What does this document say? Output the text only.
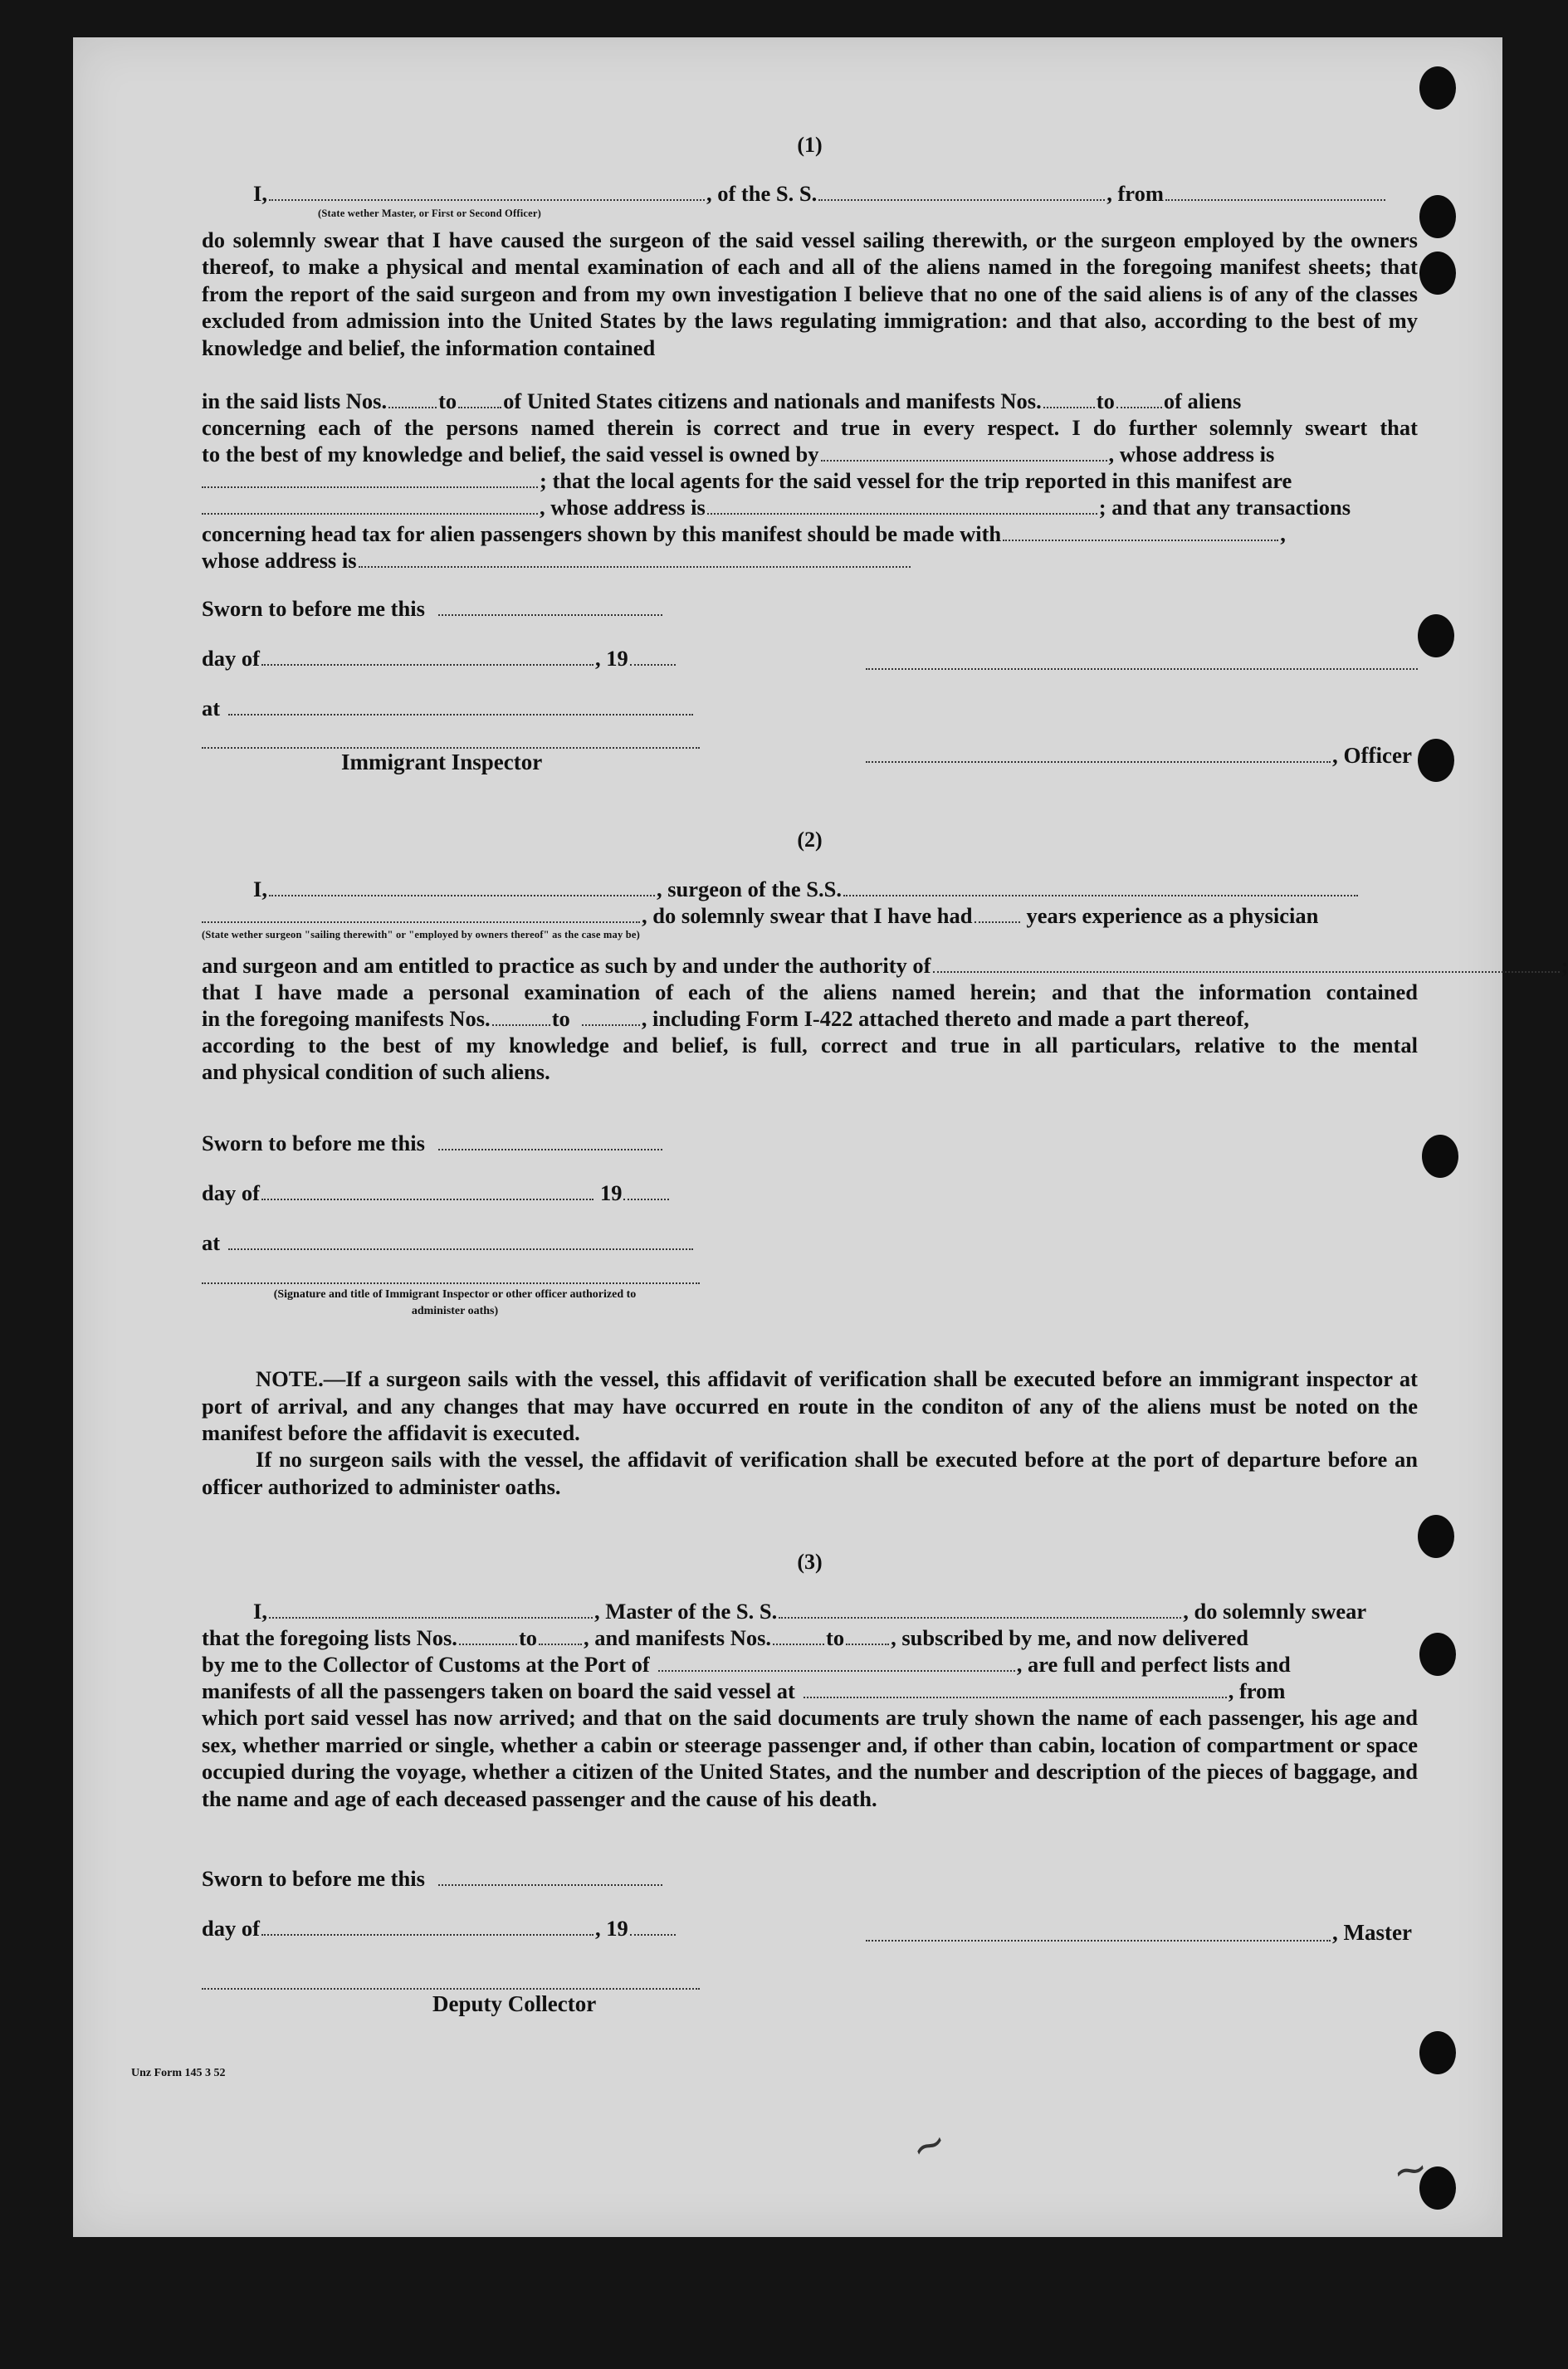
(1)
I,	, of the S. S.	, from
(State wether Master, or First or Second Officer)
do solemnly swear that I have caused the surgeon of the said vessel sailing therewith, or the surgeon employed by the owners thereof, to make a physical and mental examination of each and all of the aliens named in the foregoing manifest sheets; that from the report of the said surgeon and from my own investigation I believe that no one of the said aliens is of any of the classes excluded from admission into the United States by the laws regulating immigration: and that also, according to the best of my knowledge and belief, the information contained
in the said lists Nos. to of United States citizens and nationals and manifests Nos. to of aliens
concerning each of the persons named therein is correct and true in every respect. I do further solemnly sweart that
to the best of my knowledge and belief, the said vessel is owned by	, whose address is
; that the local agents for the said vessel for the trip reported in this manifest are
, whose address is	; and that any transactions
concerning head tax for alien passengers shown by this manifest should be made with	,
whose address is
Sworn to before me this
day of	, 19
at
Immigrant Inspector	, Officer
(2)
I,	, surgeon of the S.S.
, do solemnly swear that I have had years experience as a physician
(State wether surgeon "sailing therewith" or "employed by owners thereof" as the case may be)
and surgeon and am entitled to practice as such by and under the authority of	;
that I have made a personal examination of each of the aliens named herein; and that the information contained
in the foregoing manifests Nos.	to	, including Form I-422 attached thereto and made a part thereof,
according to the best of my knowledge and belief, is full, correct and true in all particulars, relative to the mental
and physical condition of such aliens.
Sworn to before me this
day of	19
at
(Signature and title of Immigrant Inspector or other officer authorized to administer oaths)
NOTE.—If a surgeon sails with the vessel, this affidavit of verification shall be executed before an immigrant inspector at port of arrival, and any changes that may have occurred en route in the conditon of any of the aliens must be noted on the manifest before the affidavit is executed.
If no surgeon sails with the vessel, the affidavit of verification shall be executed before at the port of departure before an officer authorized to administer oaths.
(3)
I,	, Master of the S. S.	, do solemnly swear
that the foregoing lists Nos.	to , and manifests Nos. to , subscribed by me, and now delivered
by me to the Collector of Customs at the Port of	, are full and perfect lists and
manifests of all the passengers taken on board the said vessel at	, from
which port said vessel has now arrived; and that on the said documents are truly shown the name of each passenger, his age and sex, whether married or single, whether a cabin or steerage passenger and, if other than cabin, location of compartment or space occupied during the voyage, whether a citizen of the United States, and the number and description of the pieces of baggage, and the name and age of each deceased passenger and the cause of his death.
Sworn to before me this
day of	, 19	, Master
Deputy Collector
Unz Form 145 3 52
~	~
